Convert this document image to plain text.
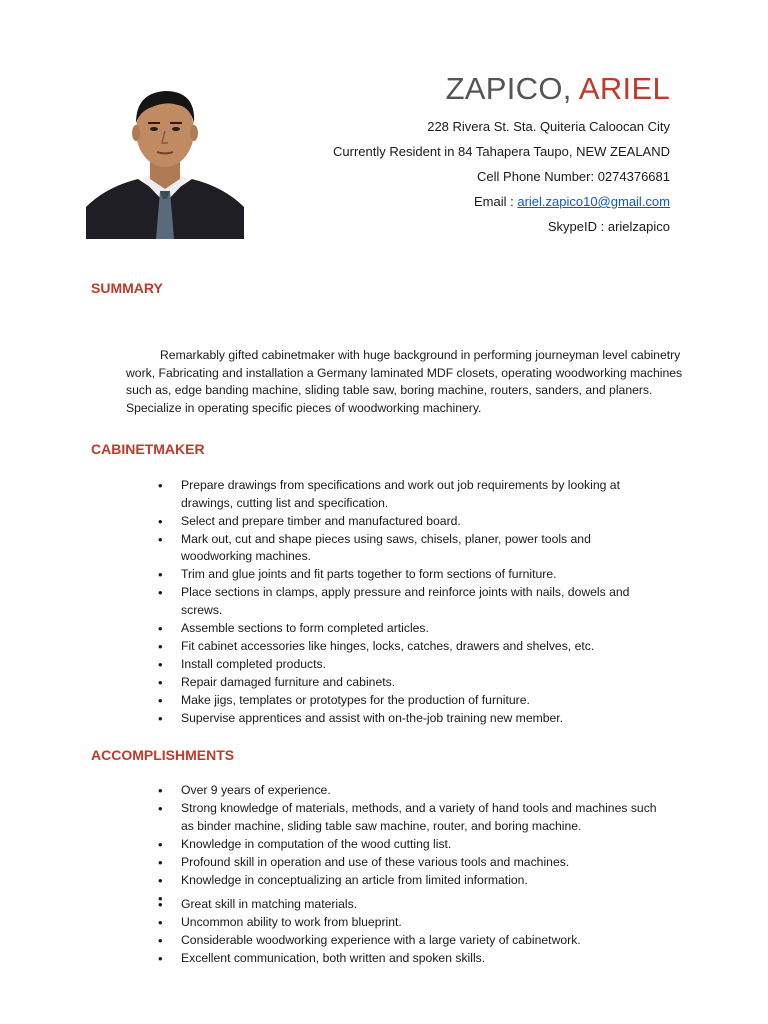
ZAPICO, ARIEL
228 Rivera St. Sta. Quiteria Caloocan City
Currently Resident in 84 Tahapera Taupo, NEW ZEALAND
Cell Phone Number: 0274376681
Email : ariel.zapico10@gmail.com
SkypeID : arielzapico
SUMMARY
Remarkably gifted cabinetmaker with huge background in performing journeyman level cabinetry work, Fabricating and installation a Germany laminated MDF closets, operating woodworking machines such as, edge banding machine, sliding table saw, boring machine, routers, sanders, and planers. Specialize in operating specific pieces of woodworking machinery.
CABINETMAKER
• Prepare drawings from specifications and work out job requirements by looking at drawings, cutting list and specification.
• Select and prepare timber and manufactured board.
• Mark out, cut and shape pieces using saws, chisels, planer, power tools and woodworking machines.
• Trim and glue joints and fit parts together to form sections of furniture.
• Place sections in clamps, apply pressure and reinforce joints with nails, dowels and screws.
• Assemble sections to form completed articles.
• Fit cabinet accessories like hinges, locks, catches, drawers and shelves, etc.
• Install completed products.
• Repair damaged furniture and cabinets.
• Make jigs, templates or prototypes for the production of furniture.
• Supervise apprentices and assist with on-the-job training new member.
ACCOMPLISHMENTS
• Over 9 years of experience.
• Strong knowledge of materials, methods, and a variety of hand tools and machines such as binder machine, sliding table saw machine, router, and boring machine.
• Knowledge in computation of the wood cutting list.
• Profound skill in operation and use of these various tools and machines.
• Knowledge in conceptualizing an article from limited information.
•
• Great skill in matching materials.
• Uncommon ability to work from blueprint.
• Considerable woodworking experience with a large variety of cabinetwork.
• Excellent communication, both written and spoken skills.
